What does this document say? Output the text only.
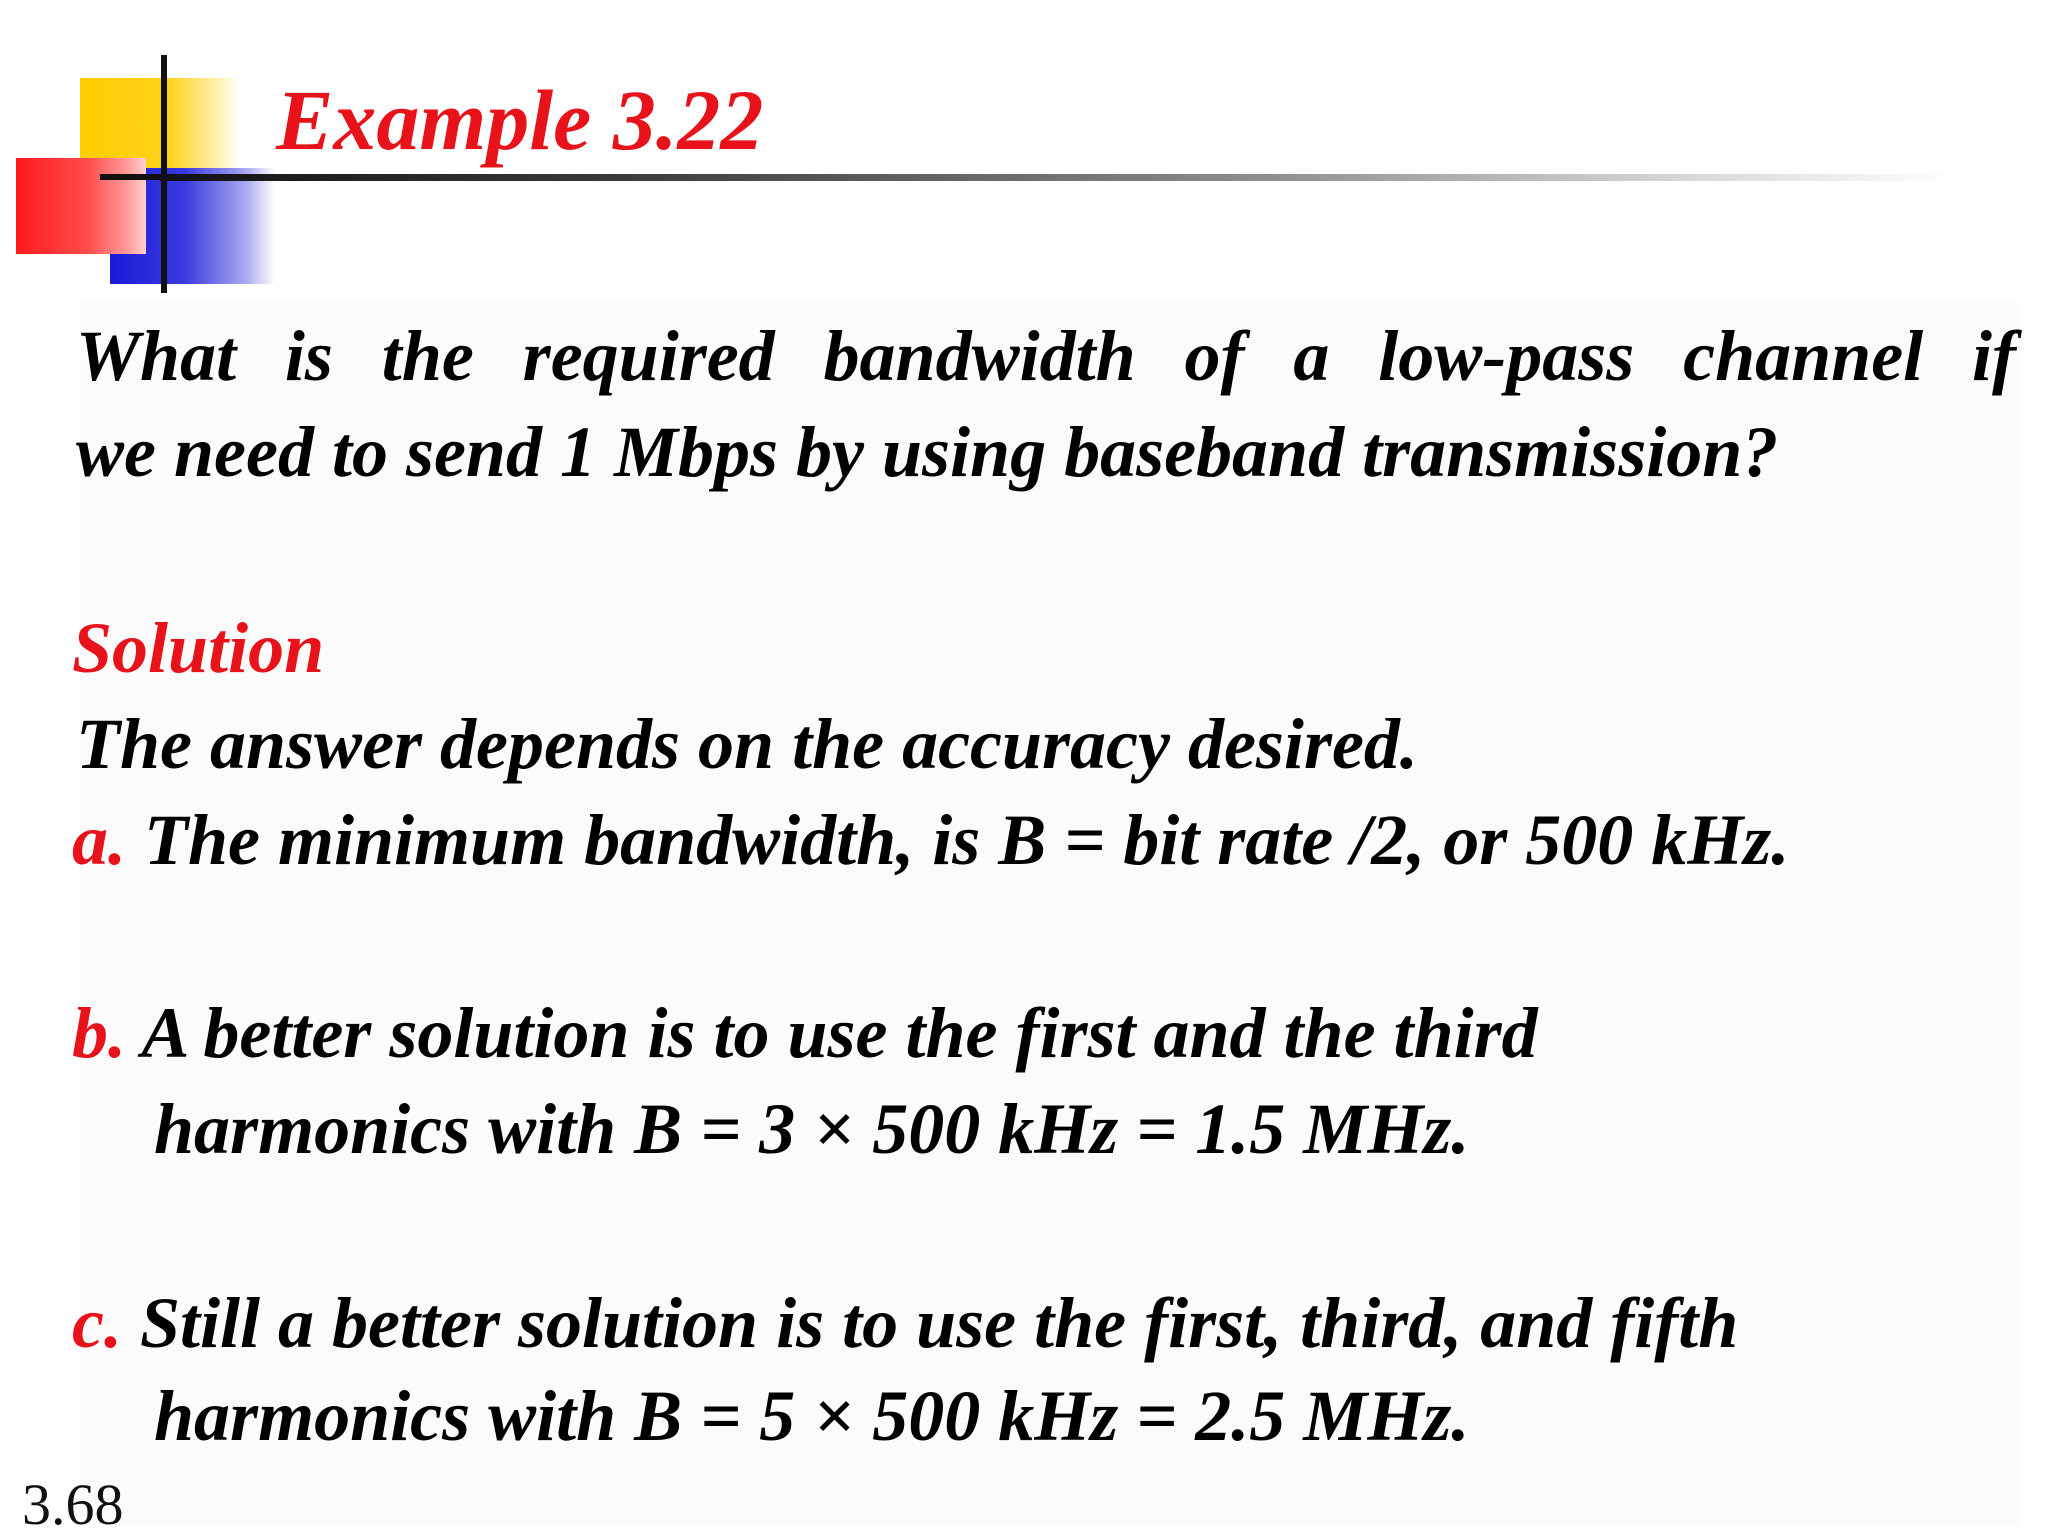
Example 3.22
What is the required bandwidth of a low-pass channel if
we need to send 1 Mbps by using baseband transmission?
Solution
The answer depends on the accuracy desired.
a. The minimum bandwidth, is B = bit rate /2, or 500 kHz.
b. A better solution is to use the first and the third
harmonics with B = 3 × 500 kHz = 1.5 MHz.
c. Still a better solution is to use the first, third, and fifth
harmonics with B = 5 × 500 kHz = 2.5 MHz.
3.68
